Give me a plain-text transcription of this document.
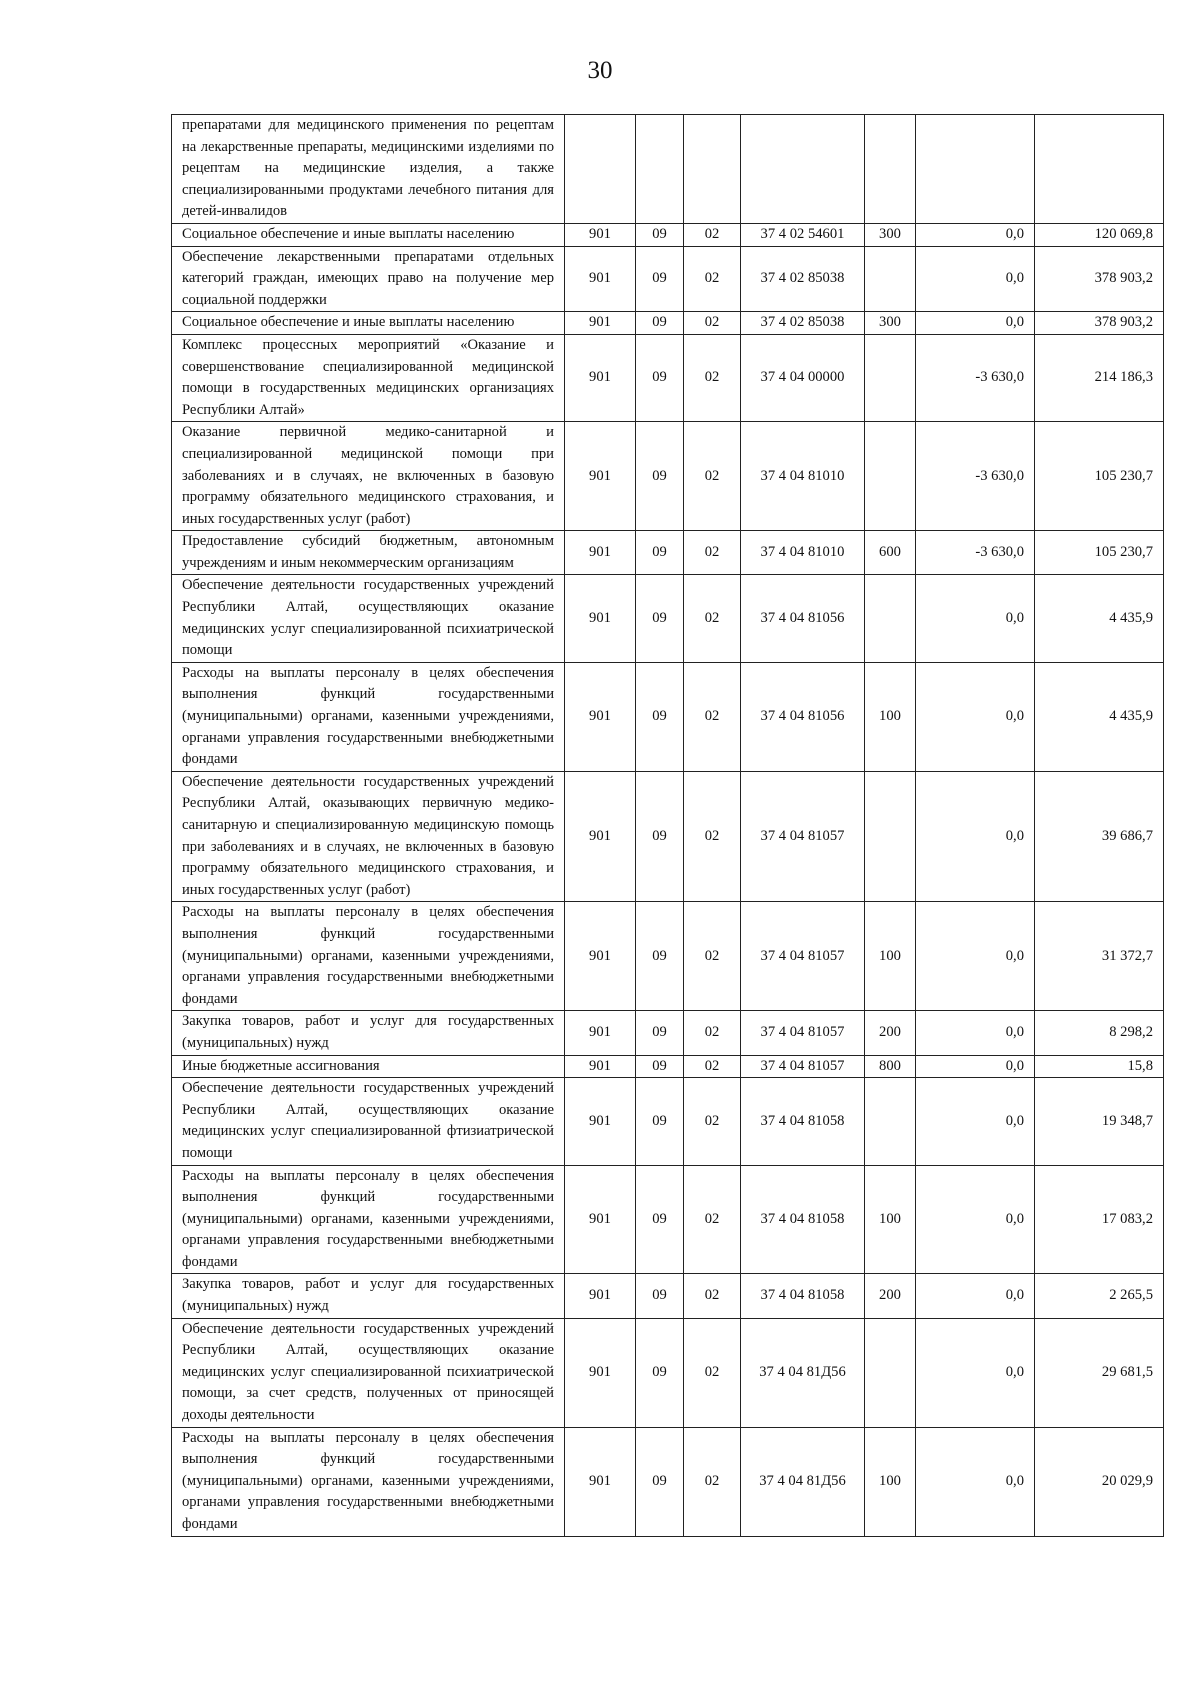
30
препаратами для медицинского применения по рецептам на лекарственные препараты, медицинскими изделиями по рецептам на медицинские изделия, а также специализированными продуктами лечебного питания для детей-инвалидов							
Социальное обеспечение и иные выплаты населению	901	09	02	37 4 02 54601	300	0,0	120 069,8
Обеспечение лекарственными препаратами отдельных категорий граждан, имеющих право на получение мер социальной поддержки	901	09	02	37 4 02 85038		0,0	378 903,2
Социальное обеспечение и иные выплаты населению	901	09	02	37 4 02 85038	300	0,0	378 903,2
Комплекс процессных мероприятий «Оказание и совершенствование специализированной медицинской помощи в государственных медицинских организациях Республики Алтай»	901	09	02	37 4 04 00000		-3 630,0	214 186,3
Оказание первичной медико-санитарной и специализированной медицинской помощи при заболеваниях и в случаях, не включенных в базовую программу обязательного медицинского страхования, и иных государственных услуг (работ)	901	09	02	37 4 04 81010		-3 630,0	105 230,7
Предоставление субсидий бюджетным, автономным учреждениям и иным некоммерческим организациям	901	09	02	37 4 04 81010	600	-3 630,0	105 230,7
Обеспечение деятельности государственных учреждений Республики Алтай, осуществляющих оказание медицинских услуг специализированной психиатрической помощи	901	09	02	37 4 04 81056		0,0	4 435,9
Расходы на выплаты персоналу в целях обеспечения выполнения функций государственными (муниципальными) органами, казенными учреждениями, органами управления государственными внебюджетными фондами	901	09	02	37 4 04 81056	100	0,0	4 435,9
Обеспечение деятельности государственных учреждений Республики Алтай, оказывающих первичную медико-санитарную и специализированную медицинскую помощь при заболеваниях и в случаях, не включенных в базовую программу обязательного медицинского страхования, и иных государственных услуг (работ)	901	09	02	37 4 04 81057		0,0	39 686,7
Расходы на выплаты персоналу в целях обеспечения выполнения функций государственными (муниципальными) органами, казенными учреждениями, органами управления государственными внебюджетными фондами	901	09	02	37 4 04 81057	100	0,0	31 372,7
Закупка товаров, работ и услуг для государственных (муниципальных) нужд	901	09	02	37 4 04 81057	200	0,0	8 298,2
Иные бюджетные ассигнования	901	09	02	37 4 04 81057	800	0,0	15,8
Обеспечение деятельности государственных учреждений Республики Алтай, осуществляющих оказание медицинских услуг специализированной фтизиатрической помощи	901	09	02	37 4 04 81058		0,0	19 348,7
Расходы на выплаты персоналу в целях обеспечения выполнения функций государственными (муниципальными) органами, казенными учреждениями, органами управления государственными внебюджетными фондами	901	09	02	37 4 04 81058	100	0,0	17 083,2
Закупка товаров, работ и услуг для государственных (муниципальных) нужд	901	09	02	37 4 04 81058	200	0,0	2 265,5
Обеспечение деятельности государственных учреждений Республики Алтай, осуществляющих оказание медицинских услуг специализированной психиатрической помощи, за счет средств, полученных от приносящей доходы деятельности	901	09	02	37 4 04 81Д56		0,0	29 681,5
Расходы на выплаты персоналу в целях обеспечения выполнения функций государственными (муниципальными) органами, казенными учреждениями, органами управления государственными внебюджетными фондами	901	09	02	37 4 04 81Д56	100	0,0	20 029,9
